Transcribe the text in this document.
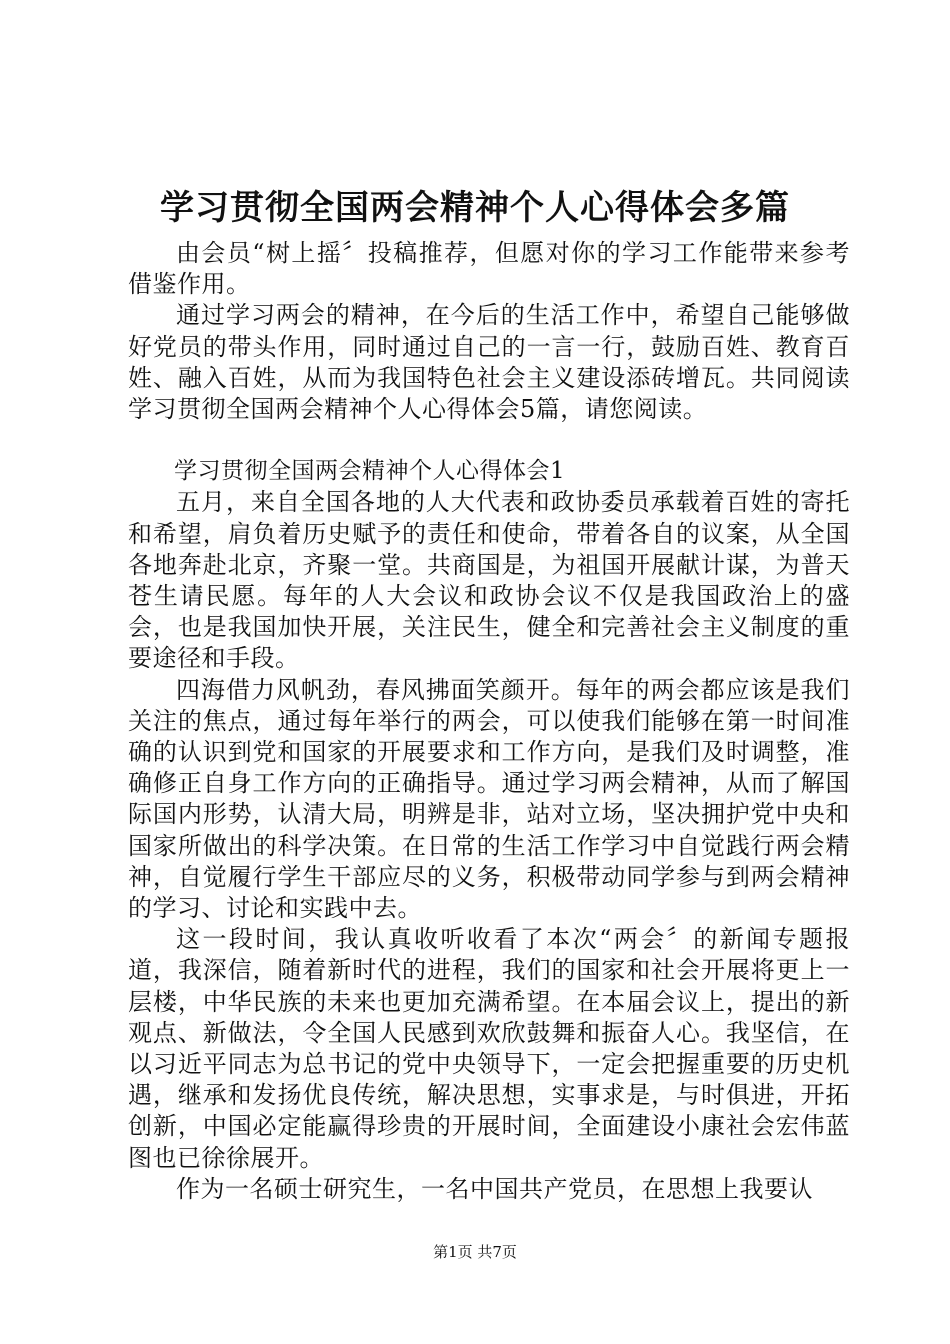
学习贯彻全国两会精神个人心得体会多篇

由会员“树上摇〞投稿推荐，但愿对你的学习工作能带来参考借鉴作用。

通过学习两会的精神，在今后的生活工作中，希望自己能够做好党员的带头作用，同时通过自己的一言一行，鼓励百姓、教育百姓、融入百姓，从而为我国特色社会主义建设添砖增瓦。共同阅读学习贯彻全国两会精神个人心得体会5篇，请您阅读。

学习贯彻全国两会精神个人心得体会1

五月，来自全国各地的人大代表和政协委员承载着百姓的寄托和希望，肩负着历史赋予的责任和使命，带着各自的议案，从全国各地奔赴北京，齐聚一堂。共商国是，为祖国开展献计谋，为普天苍生请民愿。每年的人大会议和政协会议不仅是我国政治上的盛会，也是我国加快开展，关注民生，健全和完善社会主义制度的重要途径和手段。

四海借力风帆劲，春风拂面笑颜开。每年的两会都应该是我们关注的焦点，通过每年举行的两会，可以使我们能够在第一时间准确的认识到党和国家的开展要求和工作方向，是我们及时调整，准确修正自身工作方向的正确指导。通过学习两会精神，从而了解国际国内形势，认清大局，明辨是非，站对立场，坚决拥护党中央和国家所做出的科学决策。在日常的生活工作学习中自觉践行两会精神，自觉履行学生干部应尽的义务，积极带动同学参与到两会精神的学习、讨论和实践中去。

这一段时间，我认真收听收看了本次“两会〞的新闻专题报道，我深信，随着新时代的进程，我们的国家和社会开展将更上一层楼，中华民族的未来也更加充满希望。在本届会议上，提出的新观点、新做法，令全国人民感到欢欣鼓舞和振奋人心。我坚信，在以习近平同志为总书记的党中央领导下，一定会把握重要的历史机遇，继承和发扬优良传统，解决思想，实事求是，与时俱进，开拓创新，中国必定能赢得珍贵的开展时间，全面建设小康社会宏伟蓝图也已徐徐展开。

作为一名硕士研究生，一名中国共产党员，在思想上我要认

第1页 共7页
